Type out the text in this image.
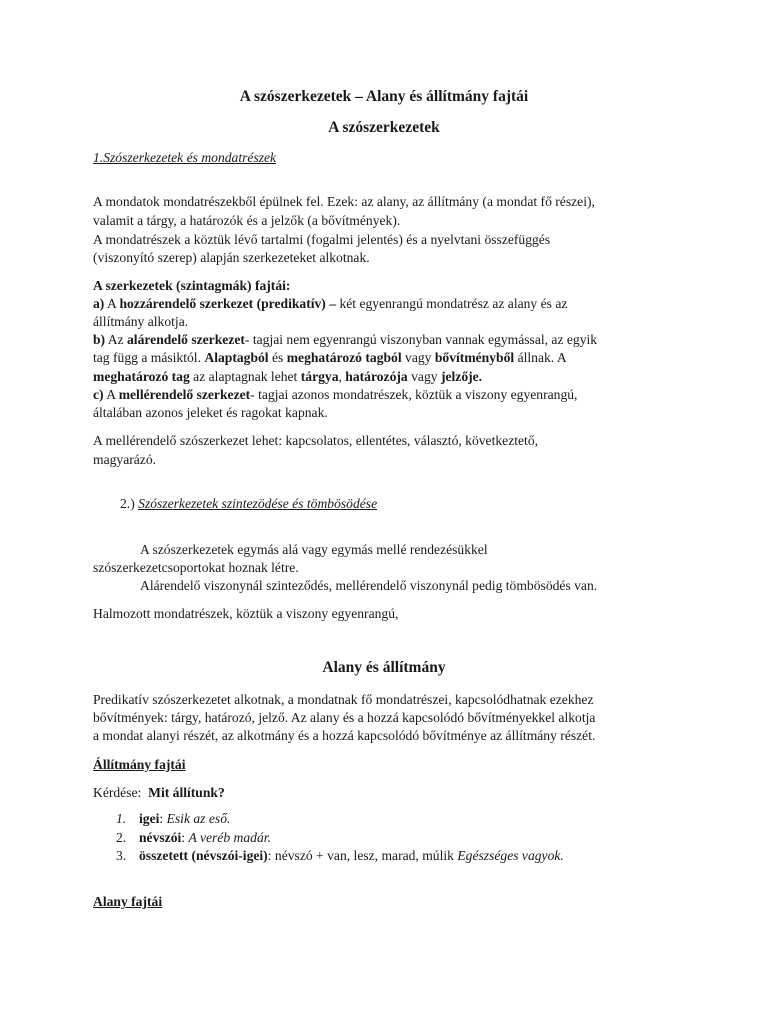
A szószerkezetek – Alany és állítmány fajtái
A szószerkezetek
1.Szószerkezetek és mondatrészek
A mondatok mondatrészekből épülnek fel. Ezek: az alany, az állítmány (a mondat fő részei),
valamit a tárgy, a határozók és a jelzők (a bővítmények).
A mondatrészek a köztük lévő tartalmi (fogalmi jelentés) és a nyelvtani összefüggés
(viszonyító szerep) alapján szerkezeteket alkotnak.
A szerkezetek (szintagmák) fajtái:
a) A hozzárendelő szerkezet (predikatív) – két egyenrangú mondatrész az alany és az
állítmány alkotja.
b) Az alárendelő szerkezet- tagjai nem egyenrangú viszonyban vannak egymással, az egyik
tag függ a másiktól. Alaptagból és meghatározó tagból vagy bővítményből állnak. A
meghatározó tag az alaptagnak lehet tárgya, határozója vagy jelzője.
c) A mellérendelő szerkezet- tagjai azonos mondatrészek, köztük a viszony egyenrangú,
általában azonos jeleket és ragokat kapnak.
A mellérendelő szószerkezet lehet: kapcsolatos, ellentétes, választó, következtető,
magyarázó.
2.) Szószerkezetek szintezödése és tömbösödése
A szószerkezetek egymás alá vagy egymás mellé rendezésükkel
szószerkezetcsoportokat hoznak létre.
Alárendelő viszonynál szinteződés, mellérendelő viszonynál pedig tömbösödés van.
Halmozott mondatrészek, köztük a viszony egyenrangú,
Alany és állítmány
Predikatív szószerkezetet alkotnak, a mondatnak fő mondatrészei, kapcsolódhatnak ezekhez
bővítmények: tárgy, határozó, jelző. Az alany és a hozzá kapcsolódó bővítményekkel alkotja
a mondat alanyi részét, az alkotmány és a hozzá kapcsolódó bővítménye az állítmány részét.
Állítmány fajtái
Kérdése: Mit állítunk?
1. igei: Esik az eső.
2. névszói: A veréb madár.
3. összetett (névszói-igei): névszó + van, lesz, marad, múlik Egészséges vagyok.
Alany fajtái
